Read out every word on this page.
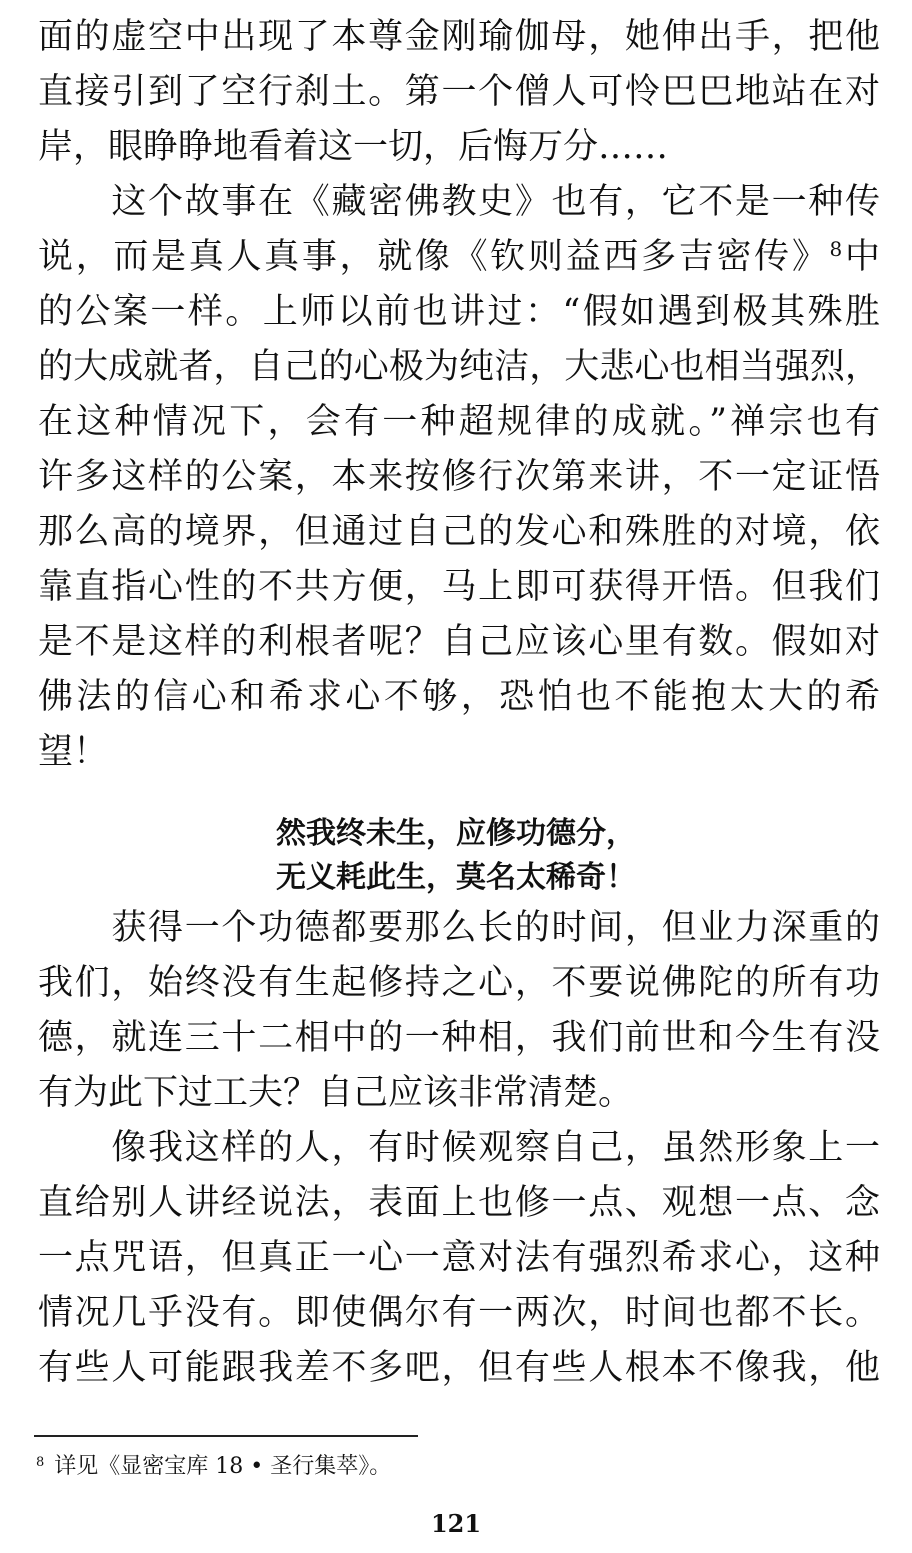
面的虚空中出现了本尊金刚瑜伽母，她伸出手，把他
直接引到了空行刹土。第一个僧人可怜巴巴地站在对
岸，眼睁睁地看着这一切，后悔万分……
　　这个故事在《藏密佛教史》也有，它不是一种传
说，而是真人真事，就像《钦则益西多吉密传》$^8$中
的公案一样。上师以前也讲过：“假如遇到极其殊胜
的大成就者，自己的心极为纯洁，大悲心也相当强烈，
在这种情况下，会有一种超规律的成就。”禅宗也有
许多这样的公案，本来按修行次第来讲，不一定证悟
那么高的境界，但通过自己的发心和殊胜的对境，依
靠直指心性的不共方便，马上即可获得开悟。但我们
是不是这样的利根者呢？自己应该心里有数。假如对
佛法的信心和希求心不够，恐怕也不能抱太大的希
望！
然我终未生，应修功德分，
无义耗此生，莫名太稀奇！
　　获得一个功德都要那么长的时间，但业力深重的
我们，始终没有生起修持之心，不要说佛陀的所有功
德，就连三十二相中的一种相，我们前世和今生有没
有为此下过工夫？自己应该非常清楚。
　　像我这样的人，有时候观察自己，虽然形象上一
直给别人讲经说法，表面上也修一点、观想一点、念
一点咒语，但真正一心一意对法有强烈希求心，这种
情况几乎没有。即使偶尔有一两次，时间也都不长。
有些人可能跟我差不多吧，但有些人根本不像我，他
$^8$ 详见《显密宝库 18 • 圣行集萃》。
121
